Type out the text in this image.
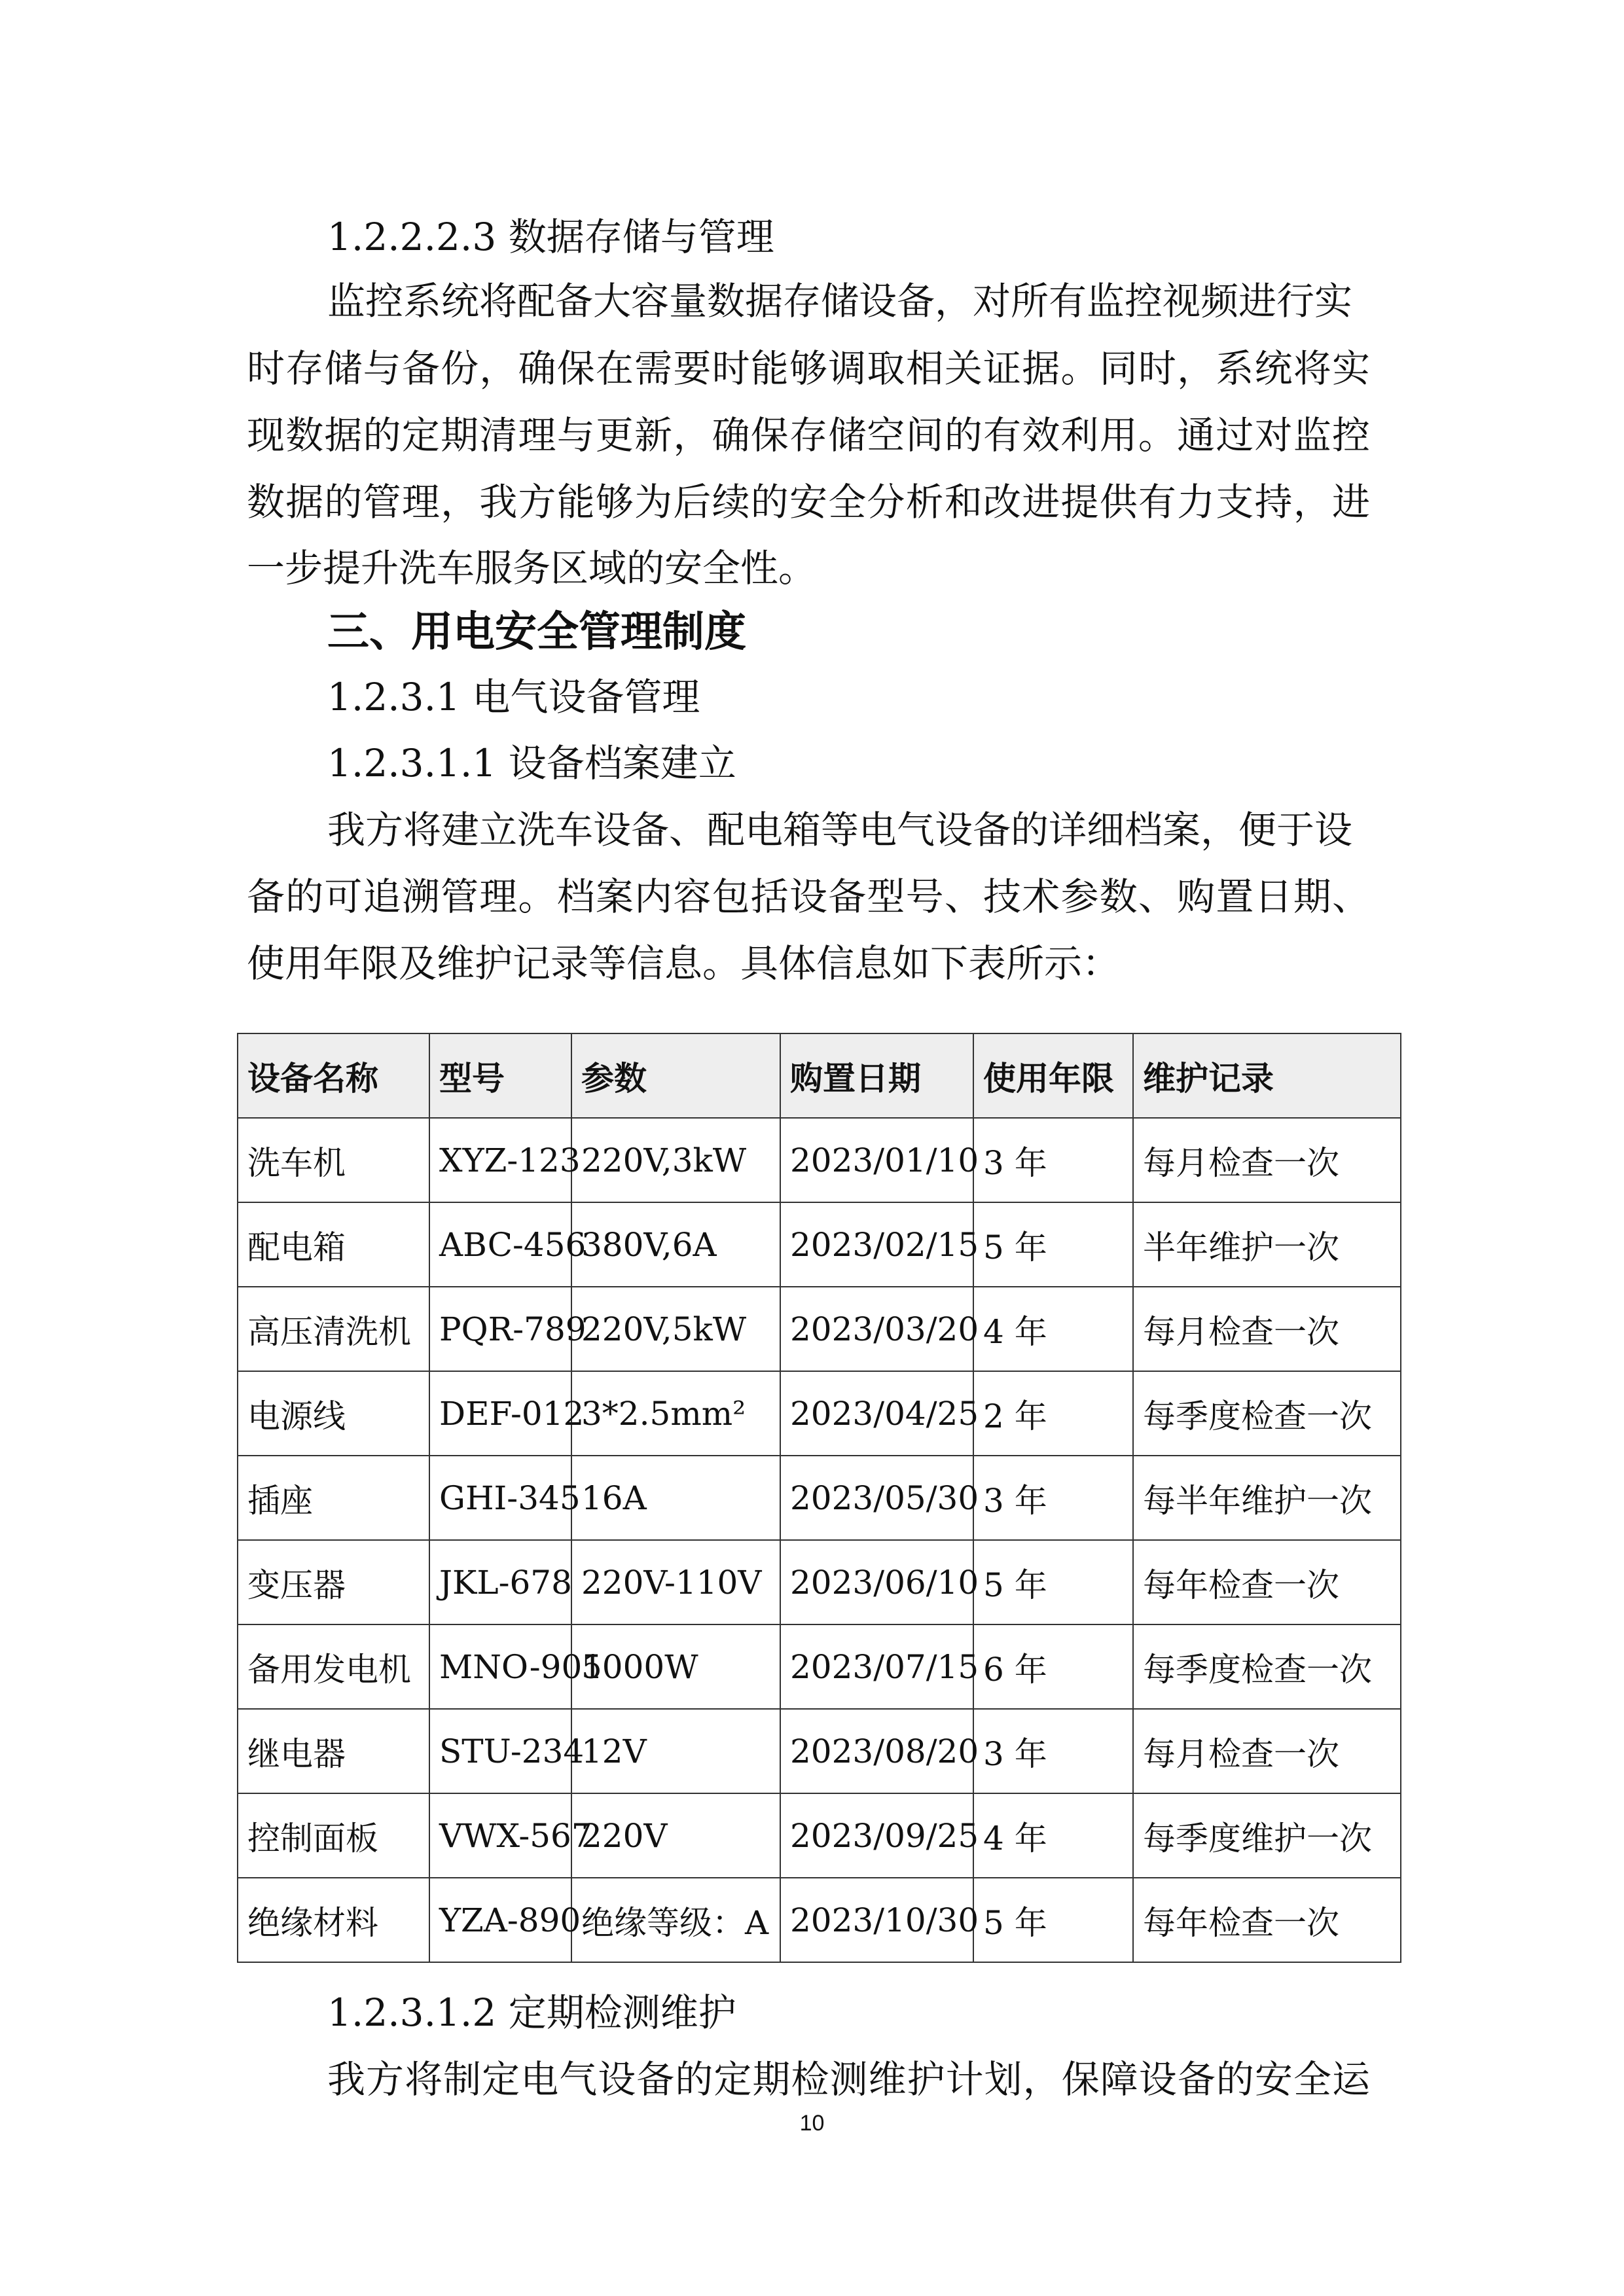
1.2.2.2.3 数据存储与管理
监控系统将配备大容量数据存储设备，对所有监控视频进行实
时存储与备份，确保在需要时能够调取相关证据。同时，系统将实
现数据的定期清理与更新，确保存储空间的有效利用。通过对监控
数据的管理，我方能够为后续的安全分析和改进提供有力支持，进
一步提升洗车服务区域的安全性。
三、用电安全管理制度
1.2.3.1 电气设备管理
1.2.3.1.1 设备档案建立
我方将建立洗车设备、配电箱等电气设备的详细档案，便于设
备的可追溯管理。档案内容包括设备型号、技术参数、购置日期、
使用年限及维护记录等信息。具体信息如下表所示：
设备名称	型号	参数	购置日期	使用年限	维护记录
洗车机	XYZ-123	220V,3kW	2023/01/10	3 年	每月检查一次
配电箱	ABC-456	380V,6A	2023/02/15	5 年	半年维护一次
高压清洗机	PQR-789	220V,5kW	2023/03/20	4 年	每月检查一次
电源线	DEF-012	3*2.5mm²	2023/04/25	2 年	每季度检查一次
插座	GHI-345	16A	2023/05/30	3 年	每半年维护一次
变压器	JKL-678	220V-110V	2023/06/10	5 年	每年检查一次
备用发电机	MNO-901	5000W	2023/07/15	6 年	每季度检查一次
继电器	STU-234	12V	2023/08/20	3 年	每月检查一次
控制面板	VWX-567	220V	2023/09/25	4 年	每季度维护一次
绝缘材料	YZA-890	绝缘等级：A	2023/10/30	5 年	每年检查一次
1.2.3.1.2 定期检测维护
我方将制定电气设备的定期检测维护计划，保障设备的安全运
10
